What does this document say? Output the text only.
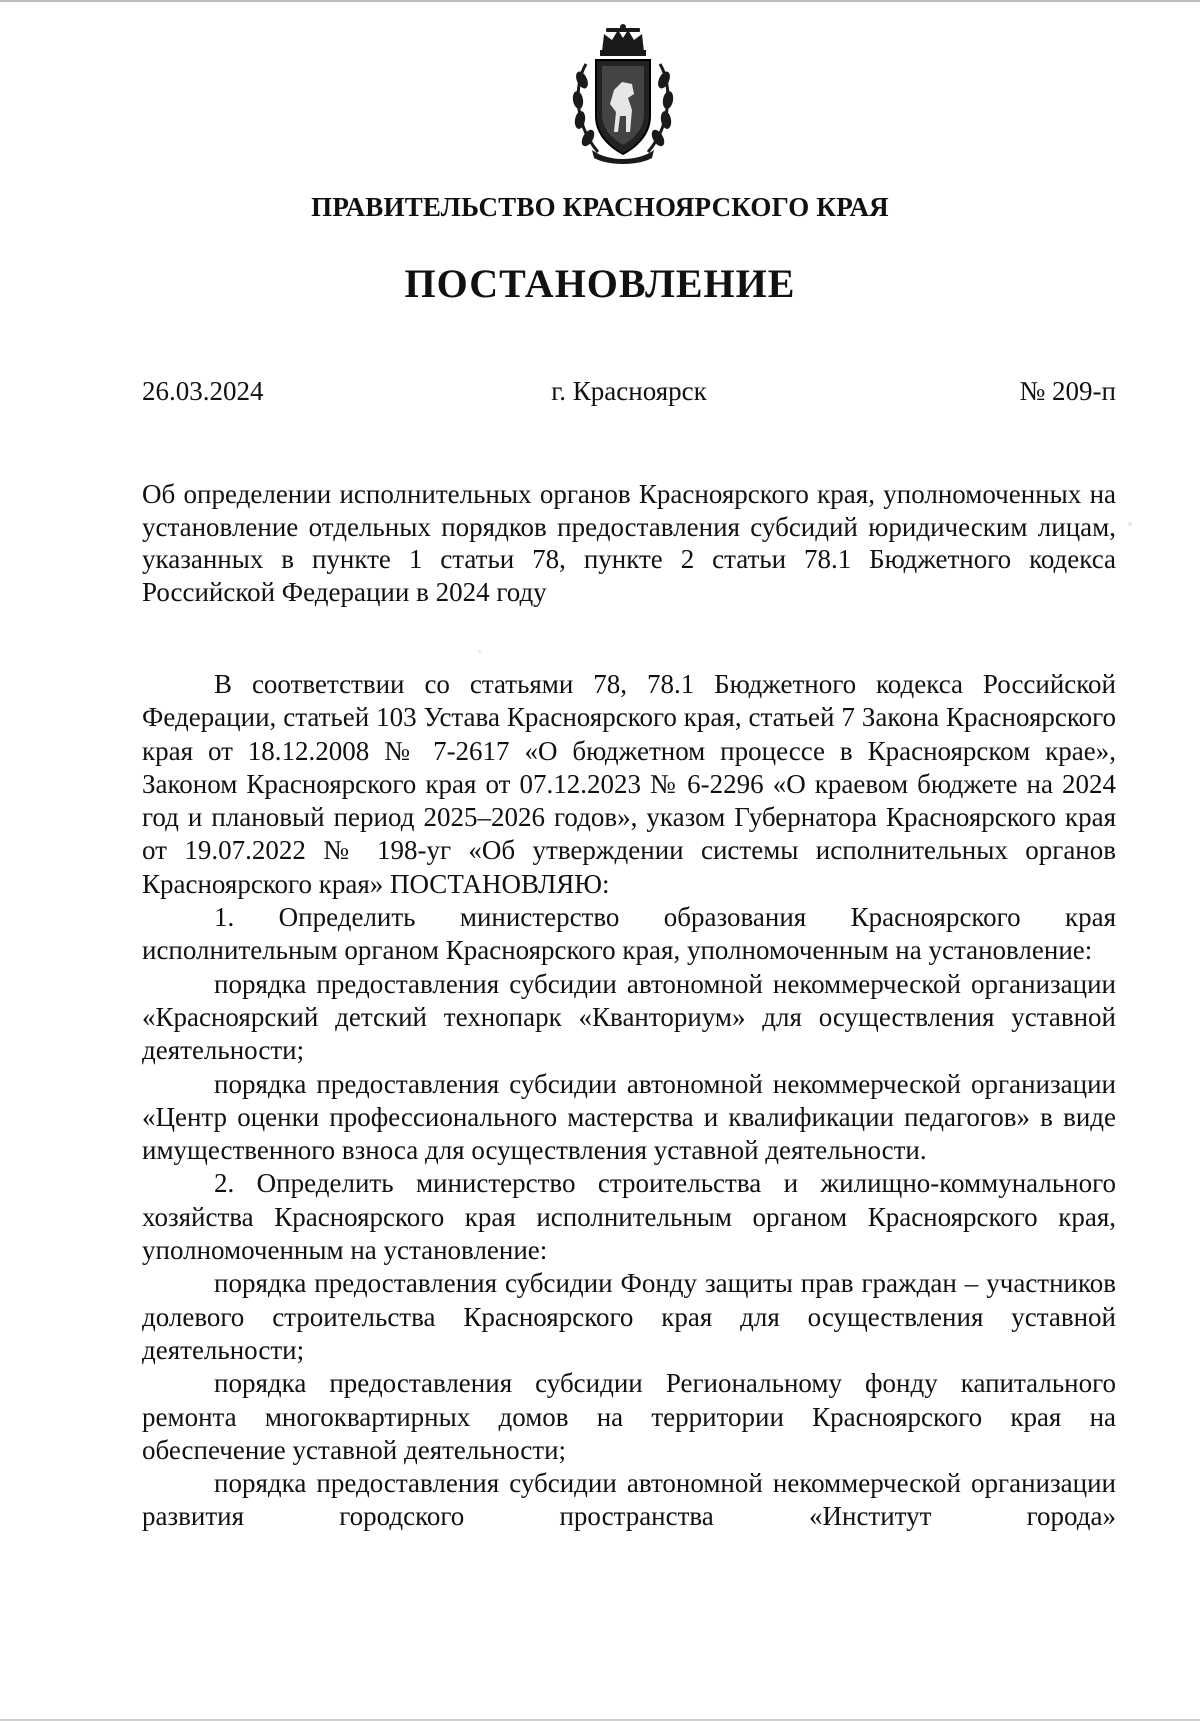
ПРАВИТЕЛЬСТВО КРАСНОЯРСКОГО КРАЯ
ПОСТАНОВЛЕНИЕ
26.03.2024	г. Красноярск	№ 209-п

Об определении исполнительных органов Красноярского края, уполномоченных на установление отдельных порядков предоставления субсидий юридическим лицам, указанных в пункте 1 статьи 78, пункте 2 статьи 78.1 Бюджетного кодекса Российской Федерации в 2024 году

В соответствии со статьями 78, 78.1 Бюджетного кодекса Российской Федерации, статьей 103 Устава Красноярского края, статьей 7 Закона Красноярского края от 18.12.2008 № 7-2617 «О бюджетном процессе в Красноярском крае», Законом Красноярского края от 07.12.2023 № 6-2296 «О краевом бюджете на 2024 год и плановый период 2025–2026 годов», указом Губернатора Красноярского края от 19.07.2022 № 198-уг «Об утверждении системы исполнительных органов Красноярского края» ПОСТАНОВЛЯЮ:

1. Определить министерство образования Красноярского края исполнительным органом Красноярского края, уполномоченным на установление:

порядка предоставления субсидии автономной некоммерческой организации «Красноярский детский технопарк «Кванториум» для осуществления уставной деятельности;

порядка предоставления субсидии автономной некоммерческой организации «Центр оценки профессионального мастерства и квалификации педагогов» в виде имущественного взноса для осуществления уставной деятельности.

2. Определить министерство строительства и жилищно-коммунального хозяйства Красноярского края исполнительным органом Красноярского края, уполномоченным на установление:

порядка предоставления субсидии Фонду защиты прав граждан – участников долевого строительства Красноярского края для осуществления уставной деятельности;

порядка предоставления субсидии Региональному фонду капитального ремонта многоквартирных домов на территории Красноярского края на обеспечение уставной деятельности;

порядка предоставления субсидии автономной некоммерческой организации развития городского пространства «Институт города»
